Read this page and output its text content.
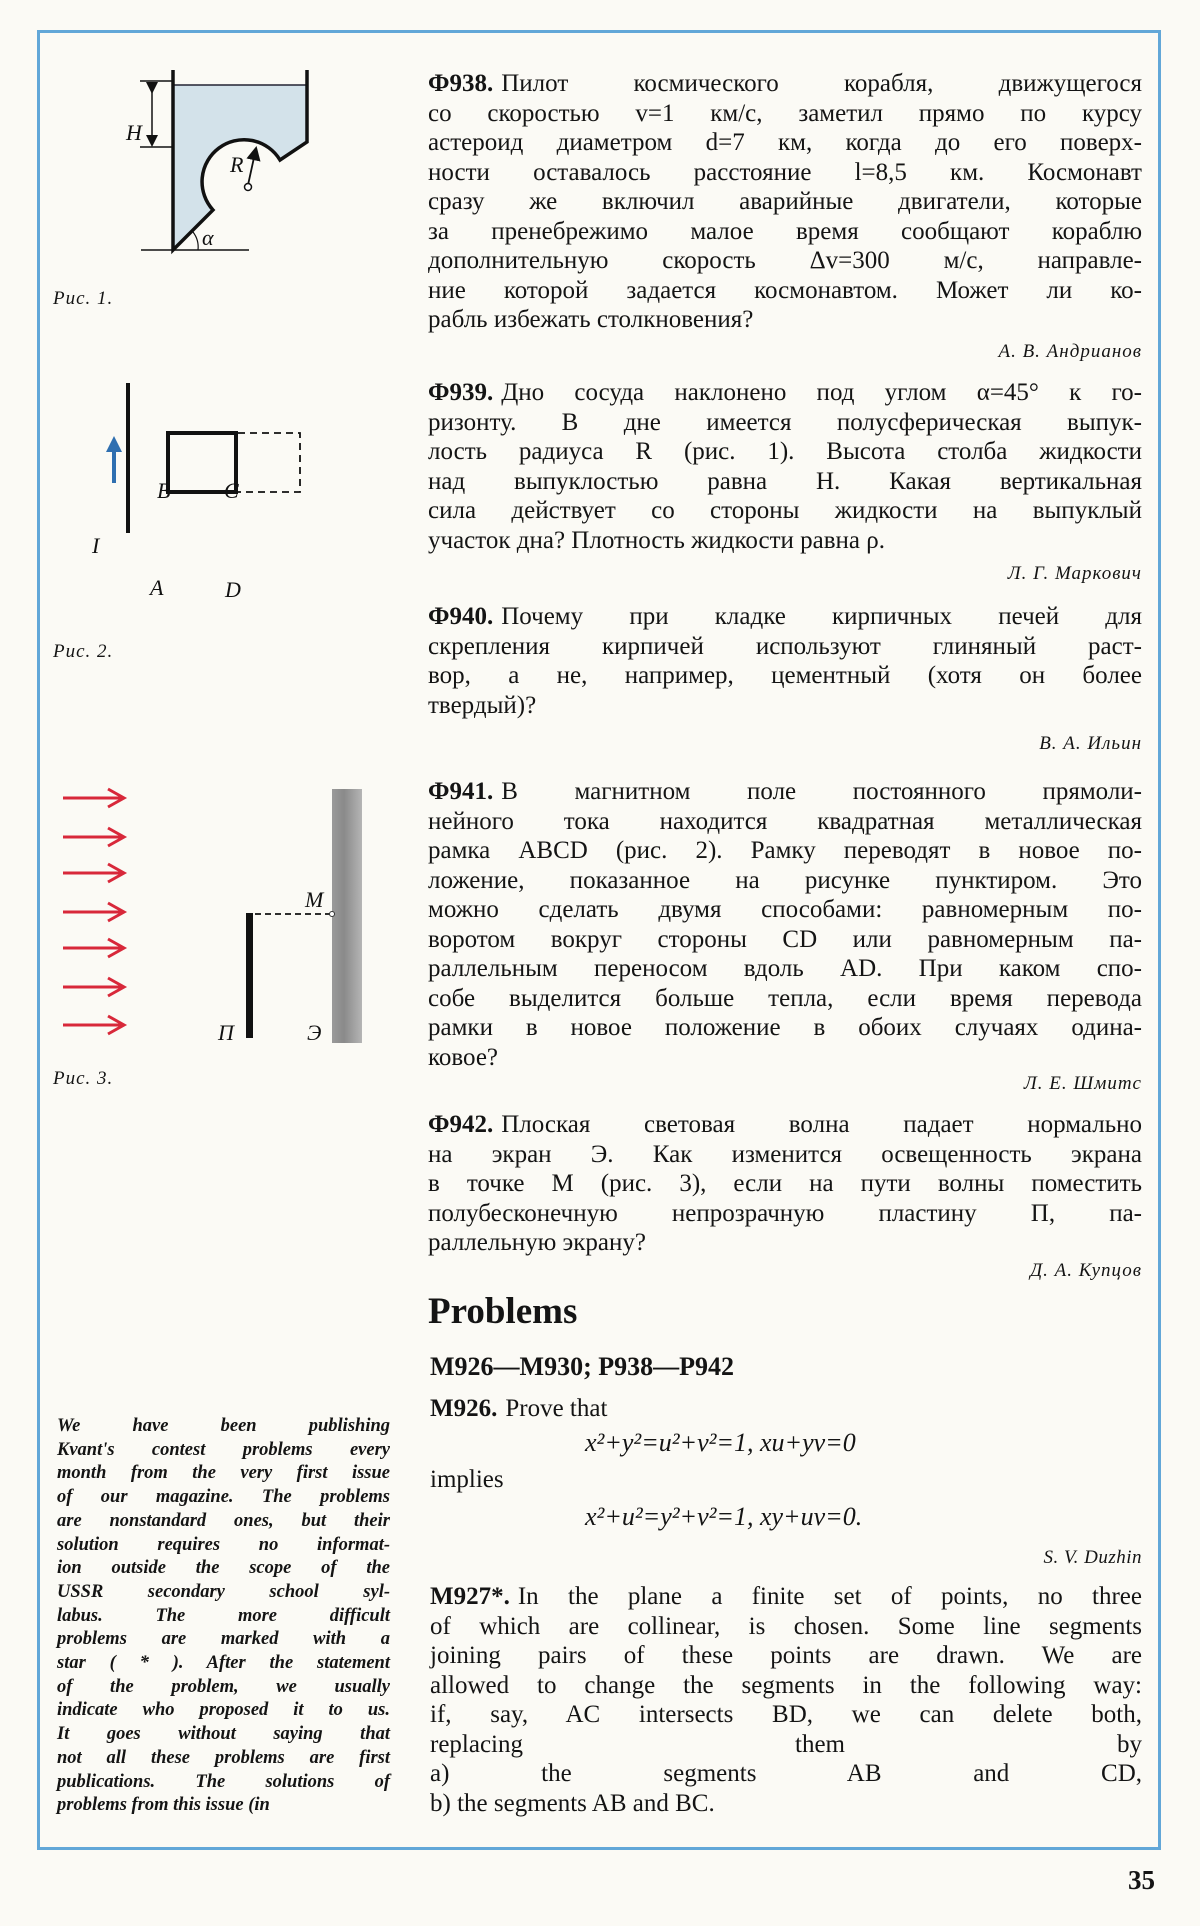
H
R
α
I
B C
A	D
M
П	Э
Рис. 1.
Рис. 2.
Рис. 3.
Ф938. Пилот космического корабля, движущегося
со скоростью v=1 км/с, заметил прямо по курсу
астероид диаметром d=7 км, когда до его поверх-
ности оставалось расстояние l=8,5 км. Космонавт
сразу же включил аварийные двигатели, которые
за пренебрежимо малое время сообщают кораблю
дополнительную скорость Δv=300 м/с, направле-
ние которой задается космонавтом. Может ли ко-
рабль избежать столкновения?
А. В. Андрианов
Ф939. Дно сосуда наклонено под углом α=45° к го-
ризонту. В дне имеется полусферическая выпук-
лость радиуса R (рис. 1). Высота столба жидкости
над выпуклостью равна H. Какая вертикальная
сила действует со стороны жидкости на выпуклый
участок дна? Плотность жидкости равна ρ.
Л. Г. Маркович
Ф940. Почему при кладке кирпичных печей для
скрепления кирпичей используют глиняный раст-
вор, а не, например, цементный (хотя он более
твердый)?
В. А. Ильин
Ф941. В магнитном поле постоянного прямоли-
нейного тока находится квадратная металлическая
рамка ABCD (рис. 2). Рамку переводят в новое по-
ложение, показанное на рисунке пунктиром. Это
можно сделать двумя способами: равномерным по-
воротом вокруг стороны CD или равномерным па-
раллельным переносом вдоль AD. При каком спо-
собе выделится больше тепла, если время перевода
рамки в новое положение в обоих случаях одина-
ковое?
Л. Е. Шмитс
Ф942. Плоская световая волна падает нормально
на экран Э. Как изменится освещенность экрана
в точке M (рис. 3), если на пути волны поместить
полубесконечную непрозрачную пластину П, па-
раллельную экрану?
Д. А. Купцов
Problems
M926—M930; P938—P942
M926. Prove that
x²+y²=u²+v²=1, xu+yv=0
implies
x²+u²=y²+v²=1, xy+uv=0.
S. V. Duzhin
M927*. In the plane a finite set of points, no three
of which are collinear, is chosen. Some line segments
joining pairs of these points are drawn. We are
allowed to change the segments in the following way:
if, say, AC intersects BD, we can delete both,
replacing them by
a) the segments AB and CD,
b) the segments AB and BC.
We have been publishing
Kvant's contest problems every
month from the very first issue
of our magazine. The problems
are nonstandard ones, but their
solution requires no informat-
ion outside the scope of the
USSR secondary school syl-
labus. The more difficult
problems are marked with a
star ( * ). After the statement
of the problem, we usually
indicate who proposed it to us.
It goes without saying that
not all these problems are first
publications. The solutions of
problems from this issue (in
35
